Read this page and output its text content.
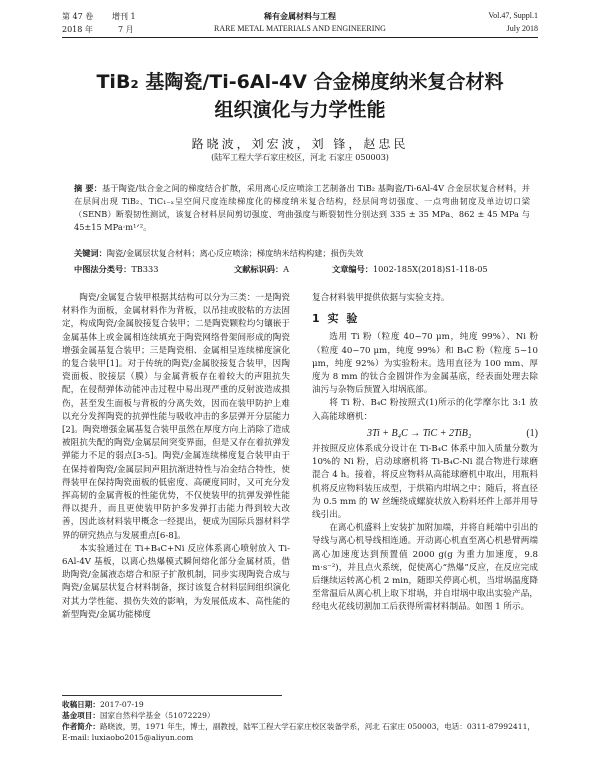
第 47 卷 增刊 1
2018 年	7 月
稀有金属材料与工程
RARE METAL MATERIALS AND ENGINEERING
Vol.47, Suppl.1
July 2018
TiB₂ 基陶瓷/Ti-6Al-4V 合金梯度纳米复合材料
组织演化与力学性能
路晓波，刘宏波，刘 锋，赵忠民
(陆军工程大学石家庄校区，河北 石家庄 050003)
摘 要：基于陶瓷/钛合金之间的梯度结合扩散，采用离心反应喷涂工艺制备出 TiB₂ 基陶瓷/Ti-6Al-4V 合金层状复合材料，并在层间出现 TiB₂、TiC₁₋ₓ呈空间尺度连续梯度化的梯度纳米复合结构，经层间弯切强度、一点弯曲韧度及单边切口梁（SENB）断裂韧性测试，该复合材料层间剪切强度、弯曲强度与断裂韧性分别达到 335 ± 35 MPa、862 ± 45 MPa 与 45±15 MPa·m¹ᐟ²。
关键词：陶瓷/金属层状复合材料；离心反应喷涂；梯度纳米结构构建；损伤失效
中图法分类号： TB333	文献标识码： A	文章编号： 1002-185X(2018)S1-118-05

陶瓷/金属复合装甲根据其结构可以分为三类：一是陶瓷材料作为面板，金属材料作为背板，以吊挂或胶粘的方法固定，构成陶瓷/金属胶接复合装甲；二是陶瓷颗粒均匀镶嵌于金属基体上或金属相连续填充于陶瓷网络骨架间形成的陶瓷增强金属基复合装甲；三是陶瓷相、金属相呈连续梯度演化的复合装甲[1]。对于传统的陶瓷/金属胶接复合装甲，因陶瓷面板、胶接层（膜）与金属背板存在着较大的声阻抗失配，在侵彻弹体动能冲击过程中易出现严重的反射波造成损伤，甚至发生面板与背板的分离失效，因而在装甲防护上难以充分发挥陶瓷的抗弹性能与吸收冲击的多层弹开分层能力[2]。陶瓷增强金属基复合装甲虽然在厚度方向上消除了造成被阻抗失配的陶瓷/金属层间突变界面，但是又存在着抗弹发弹能力不足的弱点[3-5]。陶瓷/金属连续梯度复合装甲由于在保持着陶瓷/金属层间声阻抗渐进特性与冶金结合特性，使得装甲在保持陶瓷面板的低密度、高硬度同时，又可充分发挥高韧的金属背板的性能优势，不仅使装甲的抗弹发弹性能得以提升，而且更使装甲防护多发弹打击能力得到较大改善，因此该材料装甲概念一经提出，便成为国际兵器材料学界的研究热点与发展重点[6-8]。

本实验通过在 Ti+B₄C+Ni 反应体系离心喷射放入 Ti-6Al-4V 基板，以离心热爆模式瞬间熔化部分金属材质，借助陶瓷/金属液态熔合和原子扩散机制，同步实现陶瓷合成与陶瓷/金属层状复合材料制备，探讨该复合材料层间组织演化对其力学性能、损伤失效的影响，为发展低成本、高性能的新型陶瓷/金属功能梯度

复合材料装甲提供依据与实验支持。

1 实 验

选用 Ti 粉（粒度 40~70 μm，纯度 99%）、Ni 粉（粒度 40~70 μm，纯度 99%）和 B₄C 粉（粒度 5~10 μm，纯度 92%）为实验粉末。选用直径为 100 mm、厚度为 8 mm 的钛合金圆饼作为金属基底，经表面处理去除油污与杂物后预置入坩埚底部。

将 Ti 粉、B₄C 粉按照式(1)所示的化学摩尔比 3:1 放入高能球磨机：

3Ti + B₄C → TiC + 2TiB₂	(1)

并按照反应体系成分设计在 Ti-B₄C 体系中加入质量分数为 10%的 Ni 粉，启动球磨机将 Ti-B₄C-Ni 混合物进行球磨混合 4 h。接着，将反应物料从高能球磨机中取出，用瓶料机将反应物料装压成型，于烘箱内坩埚之中；随后，将直径为 0.5 mm 的 W 丝缠绕成螺旋状放入粉料坯件上部并用导线引出。

在离心机盛料上安装扩加附加端，并将自耗端中引出的导线与离心机导线相连通。开动离心机直至离心机悬臂两端离心加速度达到预置值 2000 g(g 为重力加速度，9.8 m·s⁻²)，并且点火系统，促使离心“热爆”反应，在反应完成后继续运转离心机 2 min，随即关停离心机，当坩埚温度降至常温后从离心机上取下坩埚，并自坩埚中取出实验产品，经电火花线切割加工后获得所需材料制品。如图 1 所示。

收稿日期：2017-07-19
基金项目：国家自然科学基金（51072229）
作者简介：路晓波，男，1971 年生，博士，副教授，陆军工程大学石家庄校区装备学系，河北 石家庄 050003，电话：0311-87992411，
E-mail: luxiaobo2015@aliyun.com
